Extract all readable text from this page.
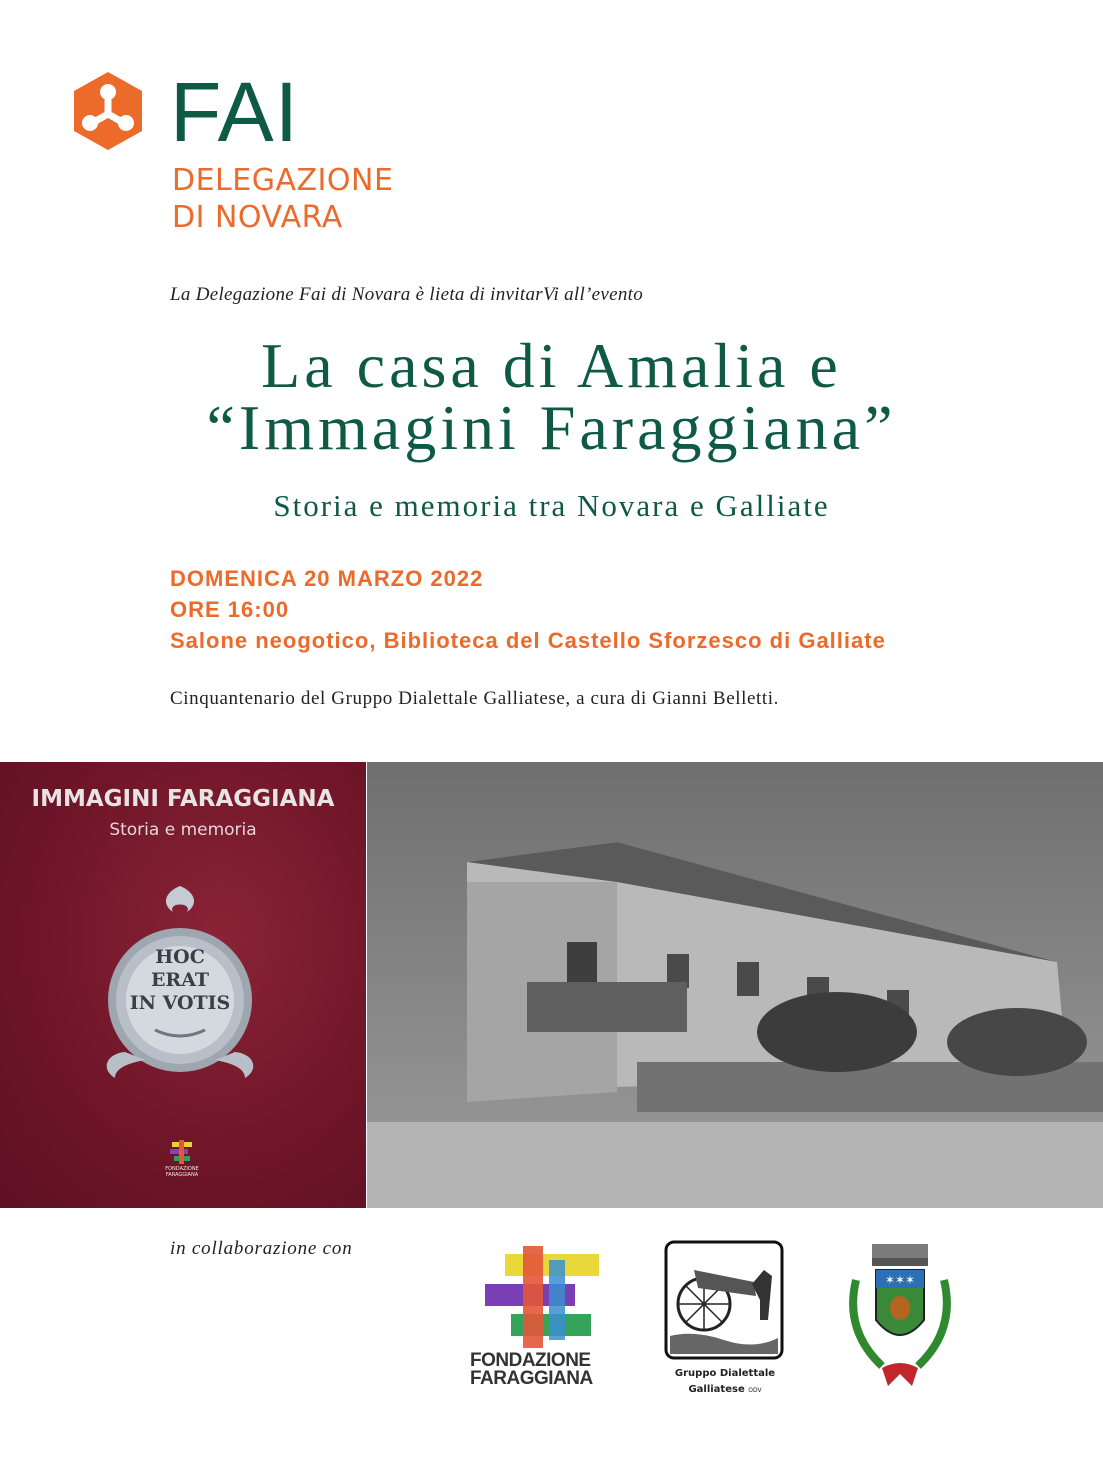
FAI
DELEGAZIONE
DI NOVARA
La Delegazione Fai di Novara è lieta di invitarVi all’evento
La casa di Amalia e
“Immagini Faraggiana”
Storia e memoria tra Novara e Galliate
DOMENICA 20 MARZO 2022
ORE 16:00
Salone neogotico, Biblioteca del Castello Sforzesco di Galliate
Cinquantenario del Gruppo Dialettale Galliatese, a cura di Gianni Belletti.
IMMAGINI FARAGGIANA
Storia e memoria
HOC
ERAT
IN VOTIS
FONDAZIONE
FARAGGIANA
in collaborazione con
FONDAZIONE
FARAGGIANA	Gruppo Dialettale
Galliatese ODV
✶✶✶
